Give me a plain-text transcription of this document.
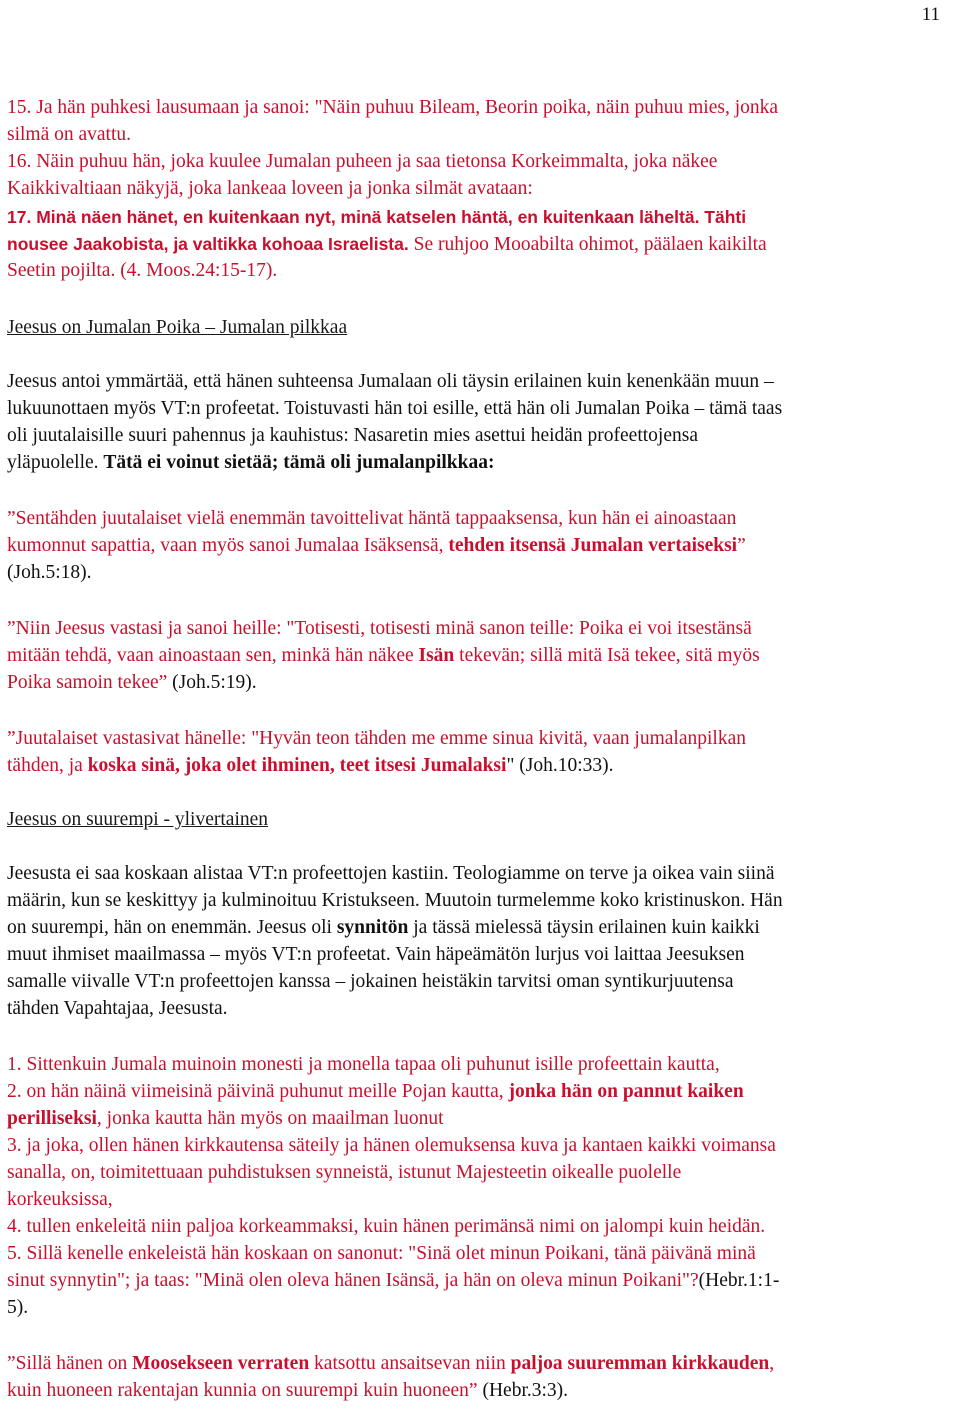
11
15. Ja hän puhkesi lausumaan ja sanoi: "Näin puhuu Bileam, Beorin poika, näin puhuu mies, jonka
silmä on avattu.
16. Näin puhuu hän, joka kuulee Jumalan puheen ja saa tietonsa Korkeimmalta, joka näkee
Kaikkivaltiaan näkyjä, joka lankeaa loveen ja jonka silmät avataan:
17. Minä näen hänet, en kuitenkaan nyt, minä katselen häntä, en kuitenkaan läheltä. Tähti
nousee Jaakobista, ja valtikka kohoaa Israelista. Se ruhjoo Mooabilta ohimot, päälaen kaikilta
Seetin pojilta. (4. Moos.24:15-17).
Jeesus on Jumalan Poika – Jumalan pilkkaa
Jeesus antoi ymmärtää, että hänen suhteensa Jumalaan oli täysin erilainen kuin kenenkään muun –
lukuunottaen myös VT:n profeetat. Toistuvasti hän toi esille, että hän oli Jumalan Poika – tämä taas
oli juutalaisille suuri pahennus ja kauhistus: Nasaretin mies asettui heidän profeettojensa
yläpuolelle. Tätä ei voinut sietää; tämä oli jumalanpilkkaa:
”Sentähden juutalaiset vielä enemmän tavoittelivat häntä tappaaksensa, kun hän ei ainoastaan
kumonnut sapattia, vaan myös sanoi Jumalaa Isäksensä, tehden itsensä Jumalan vertaiseksi”
(Joh.5:18).
”Niin Jeesus vastasi ja sanoi heille: "Totisesti, totisesti minä sanon teille: Poika ei voi itsestänsä
mitään tehdä, vaan ainoastaan sen, minkä hän näkee Isän tekevän; sillä mitä Isä tekee, sitä myös
Poika samoin tekee” (Joh.5:19).
”Juutalaiset vastasivat hänelle: "Hyvän teon tähden me emme sinua kivitä, vaan jumalanpilkan
tähden, ja koska sinä, joka olet ihminen, teet itsesi Jumalaksi" (Joh.10:33).
Jeesus on suurempi - ylivertainen
Jeesusta ei saa koskaan alistaa VT:n profeettojen kastiin. Teologiamme on terve ja oikea vain siinä
määrin, kun se keskittyy ja kulminoituu Kristukseen. Muutoin turmelemme koko kristinuskon. Hän
on suurempi, hän on enemmän. Jeesus oli synnitön ja tässä mielessä täysin erilainen kuin kaikki
muut ihmiset maailmassa – myös VT:n profeetat. Vain häpeämätön lurjus voi laittaa Jeesuksen
samalle viivalle VT:n profeettojen kanssa – jokainen heistäkin tarvitsi oman syntikurjuutensa
tähden Vapahtajaa, Jeesusta.
1. Sittenkuin Jumala muinoin monesti ja monella tapaa oli puhunut isille profeettain kautta,
2. on hän näinä viimeisinä päivinä puhunut meille Pojan kautta, jonka hän on pannut kaiken
perilliseksi, jonka kautta hän myös on maailman luonut
3. ja joka, ollen hänen kirkkautensa säteily ja hänen olemuksensa kuva ja kantaen kaikki voimansa
sanalla, on, toimitettuaan puhdistuksen synneistä, istunut Majesteetin oikealle puolelle
korkeuksissa,
4. tullen enkeleitä niin paljoa korkeammaksi, kuin hänen perimänsä nimi on jalompi kuin heidän.
5. Sillä kenelle enkeleistä hän koskaan on sanonut: "Sinä olet minun Poikani, tänä päivänä minä
sinut synnytin"; ja taas: "Minä olen oleva hänen Isänsä, ja hän on oleva minun Poikani"?(Hebr.1:1-
5).
”Sillä hänen on Moosekseen verraten katsottu ansaitsevan niin paljoa suuremman kirkkauden,
kuin huoneen rakentajan kunnia on suurempi kuin huoneen” (Hebr.3:3).
